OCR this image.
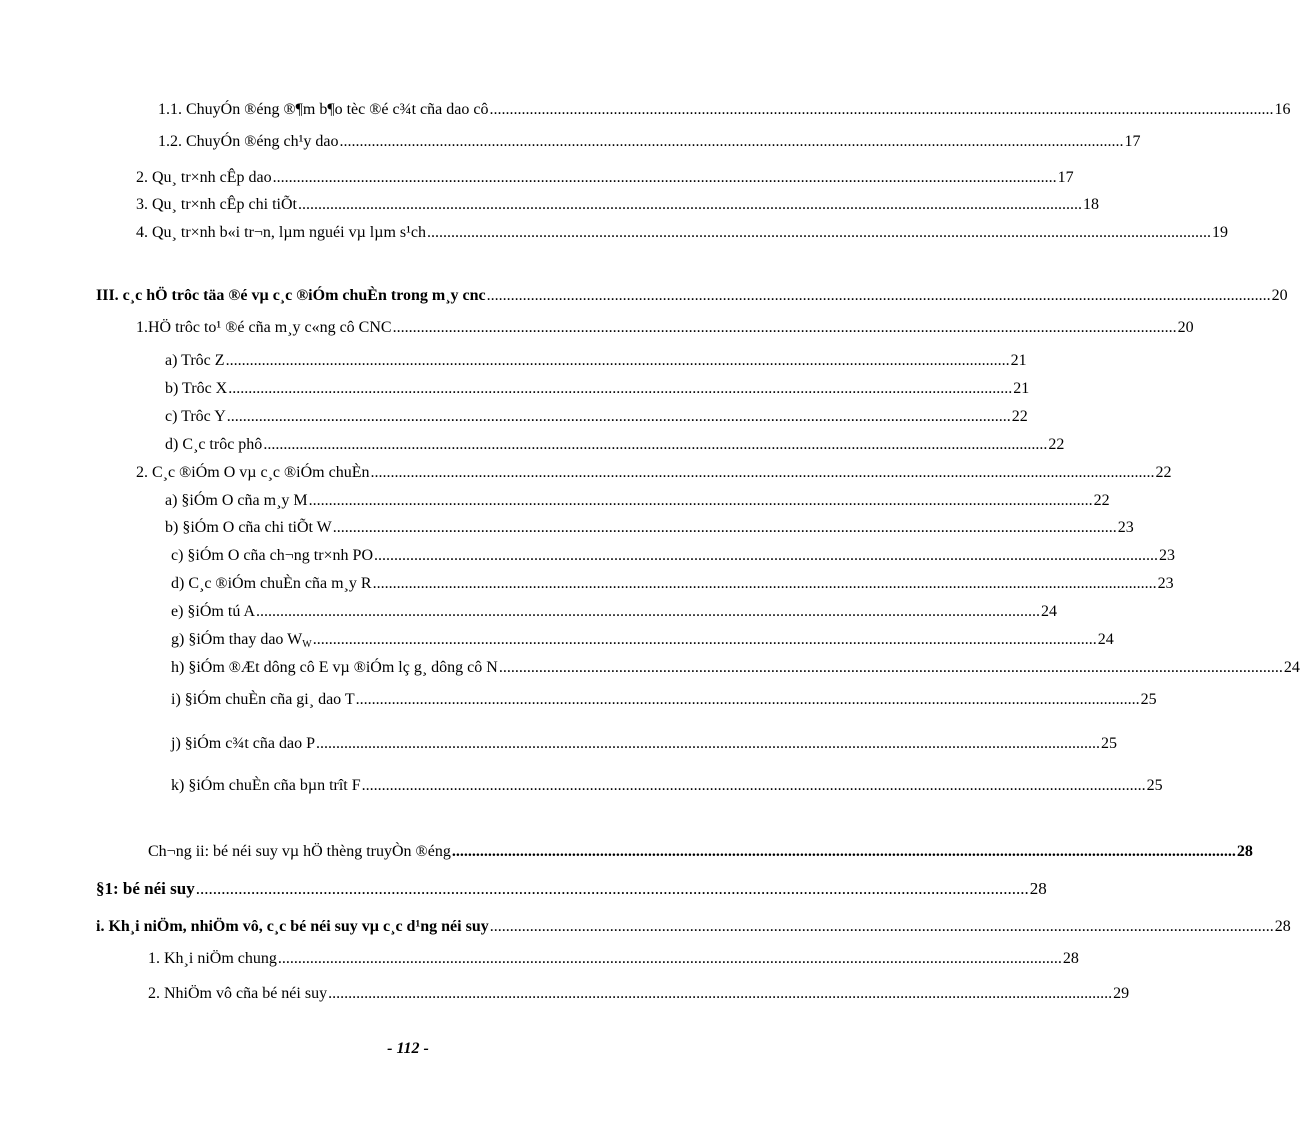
1.1. ChuyÓn ®éng ®¶m b¶o tèc ®é c¾t cña dao cô .................................................................................................................................................................................................... 16
1.2. ChuyÓn ®éng ch¹y dao .................................................................................................................................................................................................... 17
2. Qu¸ tr×nh cÊp dao .................................................................................................................................................................................................... 17
3. Qu¸ tr×nh cÊp chi tiÕt .................................................................................................................................................................................................... 18
4. Qu¸ tr×nh b«i tr¬n, lµm nguéi vµ lµm s¹ch .................................................................................................................................................................................................... 19
III. c¸c hÖ trôc täa ®é vµ c¸c ®iÓm chuÈn trong m¸y cnc .................................................................................................................................................................................................... 20
1.HÖ trôc to¹ ®é cña m¸y c«ng cô CNC .................................................................................................................................................................................................... 20
a) Trôc Z .................................................................................................................................................................................................... 21
b) Trôc X .................................................................................................................................................................................................... 21
c) Trôc Y .................................................................................................................................................................................................... 22
d) C¸c trôc phô .................................................................................................................................................................................................... 22
2. C¸c ®iÓm O vµ c¸c ®iÓm chuÈn .................................................................................................................................................................................................... 22
a) §iÓm O cña m¸y M .................................................................................................................................................................................................... 22
b) §iÓm O cña chi tiÕt W .................................................................................................................................................................................................... 23
c) §iÓm O cña ch¬ng tr×nh PO .................................................................................................................................................................................................... 23
d) C¸c ®iÓm chuÈn cña m¸y R .................................................................................................................................................................................................... 23
e) §iÓm tú A .................................................................................................................................................................................................... 24
g) §iÓm thay dao $W_W$ .................................................................................................................................................................................................... 24
h) §iÓm ®Æt dông cô E vµ ®iÓm lç g¸ dông cô N .................................................................................................................................................................................................... 24
i) §iÓm chuÈn cña gi¸ dao T .................................................................................................................................................................................................... 25
j) §iÓm c¾t cña dao P .................................................................................................................................................................................................... 25
k) §iÓm chuÈn cña bµn trît F .................................................................................................................................................................................................... 25
Ch¬ng ii: bé néi suy vµ hÖ thèng truyÒn ®éng .................................................................................................................................................................................................... 28
§1: bé néi suy .................................................................................................................................................................................................... 28
i. Kh¸i niÖm, nhiÖm vô, c¸c bé néi suy vµ c¸c d¹ng néi suy .................................................................................................................................................................................................... 28
1. Kh¸i niÖm chung .................................................................................................................................................................................................... 28
2. NhiÖm vô cña bé néi suy .................................................................................................................................................................................................... 29
- 112 -
